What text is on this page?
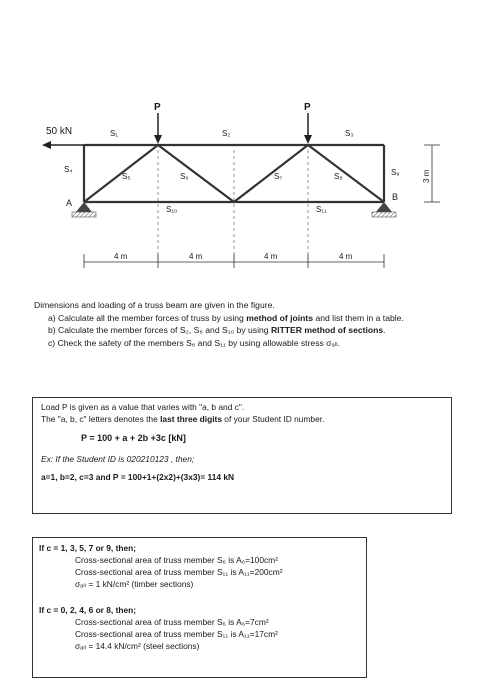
50 kN
P	P
S₁	S₂	S₃
S₄
S₅	S₆	S₇	S₈	S₉
S₁₀	S₁₁
A
B
3 m
4 m	4 m	4 m	4 m
Dimensions and loading of a truss beam are given in the figure.
a) Calculate all the member forces of truss by using method of joints and list them in a table.
b) Calculate the member forces of S₂, S₆ and S₁₀ by using RITTER method of sections.
c) Check the safety of the members S₆ and S₁₁ by using allowable stress σₐₗₗ.
Load P is given as a value that varies with "a, b and c".
The "a, b, c" letters denotes the last three digits of your Student ID number.
P = 100 + a + 2b +3c [kN]
Ex: If the Student ID is 020210123 , then;
a=1, b=2, c=3 and P = 100+1+(2x2)+(3x3)= 114 kN
If c = 1, 3, 5, 7 or 9, then;
Cross-sectional area of truss member S₆ is A₆=100cm²
Cross-sectional area of truss member S₁₁ is A₁₁=200cm²
σₐₗₗ = 1 kN/cm² (timber sections)
If c = 0, 2, 4, 6 or 8, then;
Cross-sectional area of truss member S₆ is A₆=7cm²
Cross-sectional area of truss member S₁₁ is A₁₁=17cm²
σₐₗₗ = 14.4 kN/cm² (steel sections)
